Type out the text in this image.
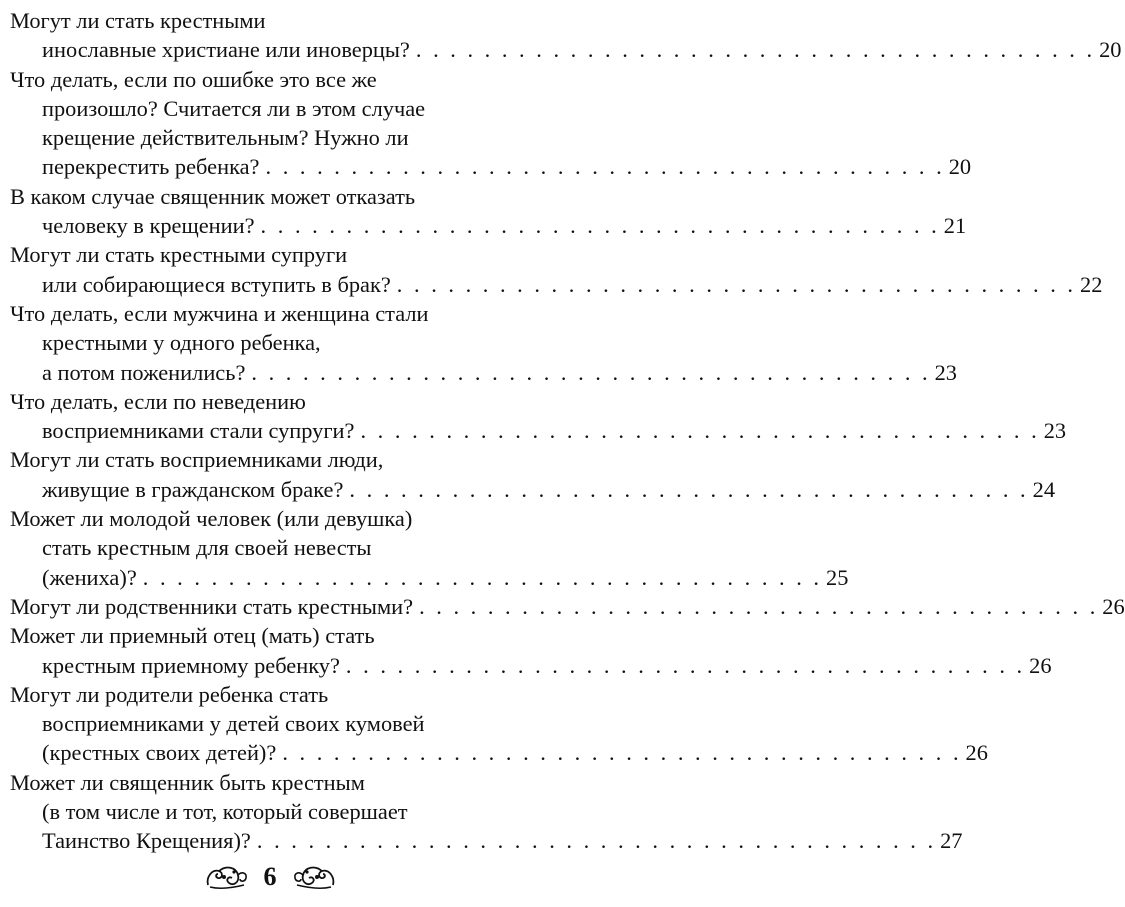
Могут ли стать крестными
инославные христиане или иноверцы? . . . . . . . . . . . . . . . . . . . . . . . . . . . . . . . . . . . . . . . . 20
Что делать, если по ошибке это все же
произошло? Считается ли в этом случае
крещение действительным? Нужно ли
перекрестить ребенка? . . . . . . . . . . . . . . . . . . . . . . . . . . . . . . . . . . . . . . . . 20
В каком случае священник может отказать
человеку в крещении? . . . . . . . . . . . . . . . . . . . . . . . . . . . . . . . . . . . . . . . . 21
Могут ли стать крестными супруги
или собирающиеся вступить в брак? . . . . . . . . . . . . . . . . . . . . . . . . . . . . . . . . . . . . . . . . 22
Что делать, если мужчина и женщина стали
крестными у одного ребенка,
а потом поженились? . . . . . . . . . . . . . . . . . . . . . . . . . . . . . . . . . . . . . . . . 23
Что делать, если по неведению
восприемниками стали супруги? . . . . . . . . . . . . . . . . . . . . . . . . . . . . . . . . . . . . . . . . 23
Могут ли стать восприемниками люди,
живущие в гражданском браке? . . . . . . . . . . . . . . . . . . . . . . . . . . . . . . . . . . . . . . . . 24
Может ли молодой человек (или девушка)
стать крестным для своей невесты
(жениха)? . . . . . . . . . . . . . . . . . . . . . . . . . . . . . . . . . . . . . . . . 25
Могут ли родственники стать крестными? . . . . . . . . . . . . . . . . . . . . . . . . . . . . . . . . . . . . . . . . 26
Может ли приемный отец (мать) стать
крестным приемному ребенку? . . . . . . . . . . . . . . . . . . . . . . . . . . . . . . . . . . . . . . . . 26
Могут ли родители ребенка стать
восприемниками у детей своих кумовей
(крестных своих детей)? . . . . . . . . . . . . . . . . . . . . . . . . . . . . . . . . . . . . . . . . 26
Может ли священник быть крестным
(в том числе и тот, который совершает
Таинство Крещения)? . . . . . . . . . . . . . . . . . . . . . . . . . . . . . . . . . . . . . . . . 27
6
